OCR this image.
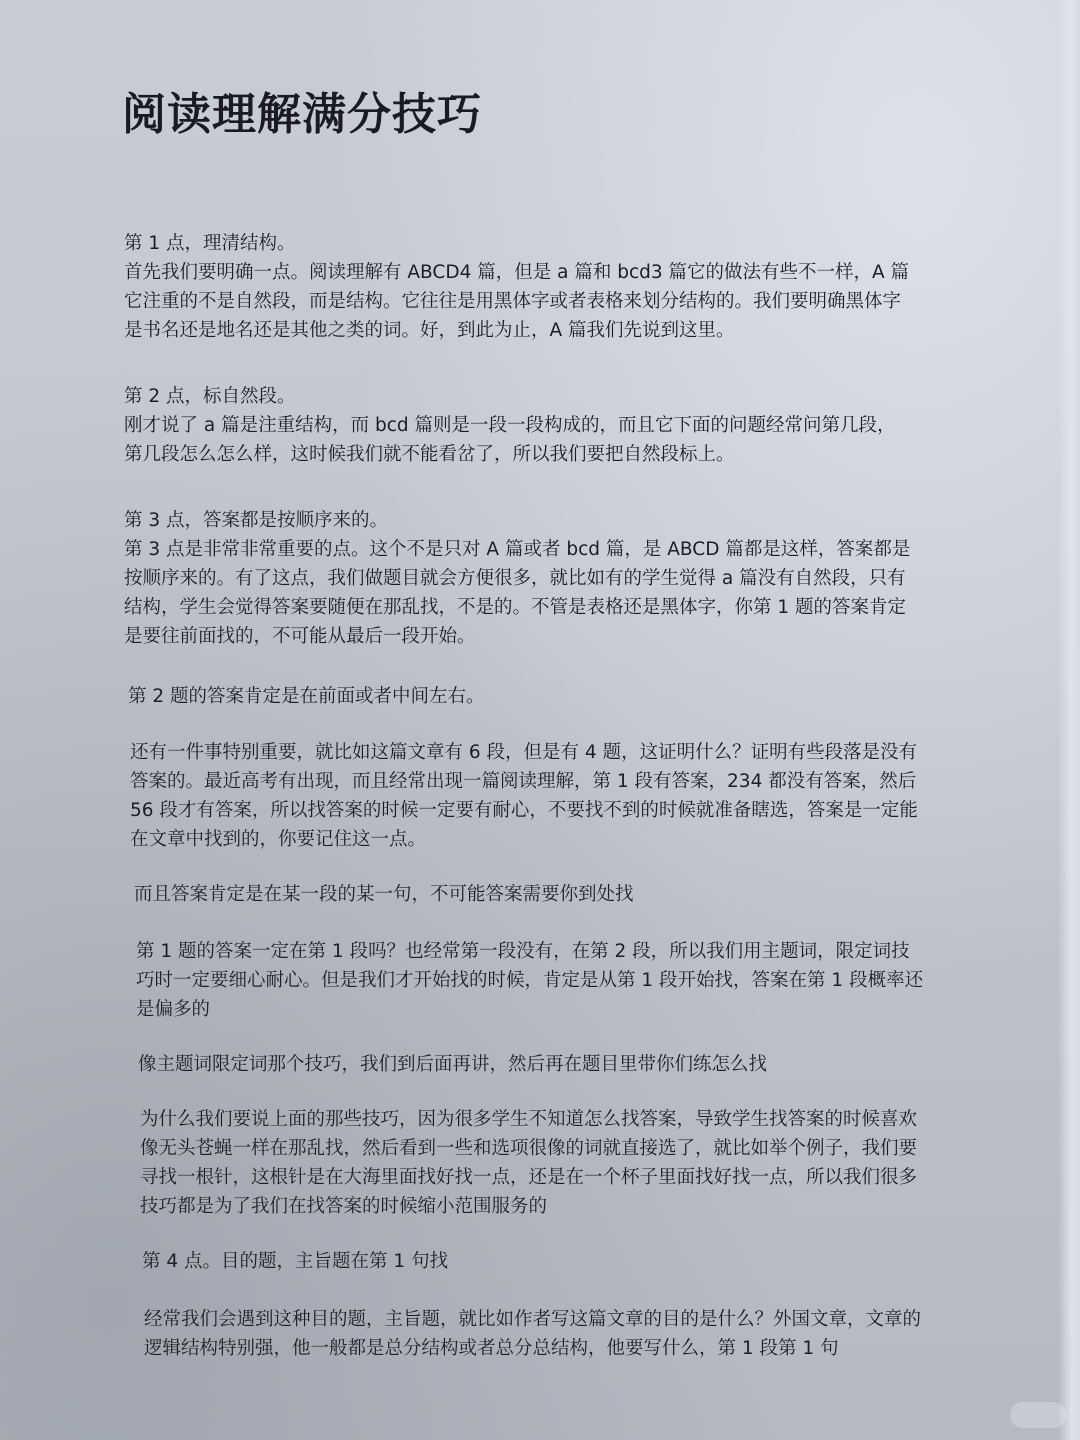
阅读理解满分技巧
第 1 点，理清结构。
首先我们要明确一点。阅读理解有 ABCD4 篇，但是 a 篇和 bcd3 篇它的做法有些不一样，A 篇它注重的不是自然段，而是结构。它往往是用黑体字或者表格来划分结构的。我们要明确黑体字是书名还是地名还是其他之类的词。好，到此为止，A 篇我们先说到这里。
第 2 点，标自然段。
刚才说了 a 篇是注重结构，而 bcd 篇则是一段一段构成的，而且它下面的问题经常问第几段，第几段怎么怎么样，这时候我们就不能看岔了，所以我们要把自然段标上。
第 3 点，答案都是按顺序来的。
第 3 点是非常非常重要的点。这个不是只对 A 篇或者 bcd 篇，是 ABCD 篇都是这样，答案都是按顺序来的。有了这点，我们做题目就会方便很多，就比如有的学生觉得 a 篇没有自然段，只有结构，学生会觉得答案要随便在那乱找，不是的。不管是表格还是黑体字，你第 1 题的答案肯定是要往前面找的，不可能从最后一段开始。

第 2 题的答案肯定是在前面或者中间左右。

还有一件事特别重要，就比如这篇文章有 6 段，但是有 4 题，这证明什么？证明有些段落是没有答案的。最近高考有出现，而且经常出现一篇阅读理解，第 1 段有答案，234 都没有答案，然后 56 段才有答案，所以找答案的时候一定要有耐心，不要找不到的时候就准备瞎选，答案是一定能在文章中找到的，你要记住这一点。

而且答案肯定是在某一段的某一句，不可能答案需要你到处找

第 1 题的答案一定在第 1 段吗？也经常第一段没有，在第 2 段，所以我们用主题词，限定词技巧时一定要细心耐心。但是我们才开始找的时候，肯定是从第 1 段开始找，答案在第 1 段概率还是偏多的

像主题词限定词那个技巧，我们到后面再讲，然后再在题目里带你们练怎么找

为什么我们要说上面的那些技巧，因为很多学生不知道怎么找答案，导致学生找答案的时候喜欢像无头苍蝇一样在那乱找，然后看到一些和选项很像的词就直接选了，就比如举个例子，我们要寻找一根针，这根针是在大海里面找好找一点，还是在一个杯子里面找好找一点，所以我们很多技巧都是为了我们在找答案的时候缩小范围服务的

第 4 点。目的题，主旨题在第 1 句找

经常我们会遇到这种目的题，主旨题，就比如作者写这篇文章的目的是什么？外国文章，文章的逻辑结构特别强，他一般都是总分结构或者总分总结构，他要写什么，第 1 段第 1 句
